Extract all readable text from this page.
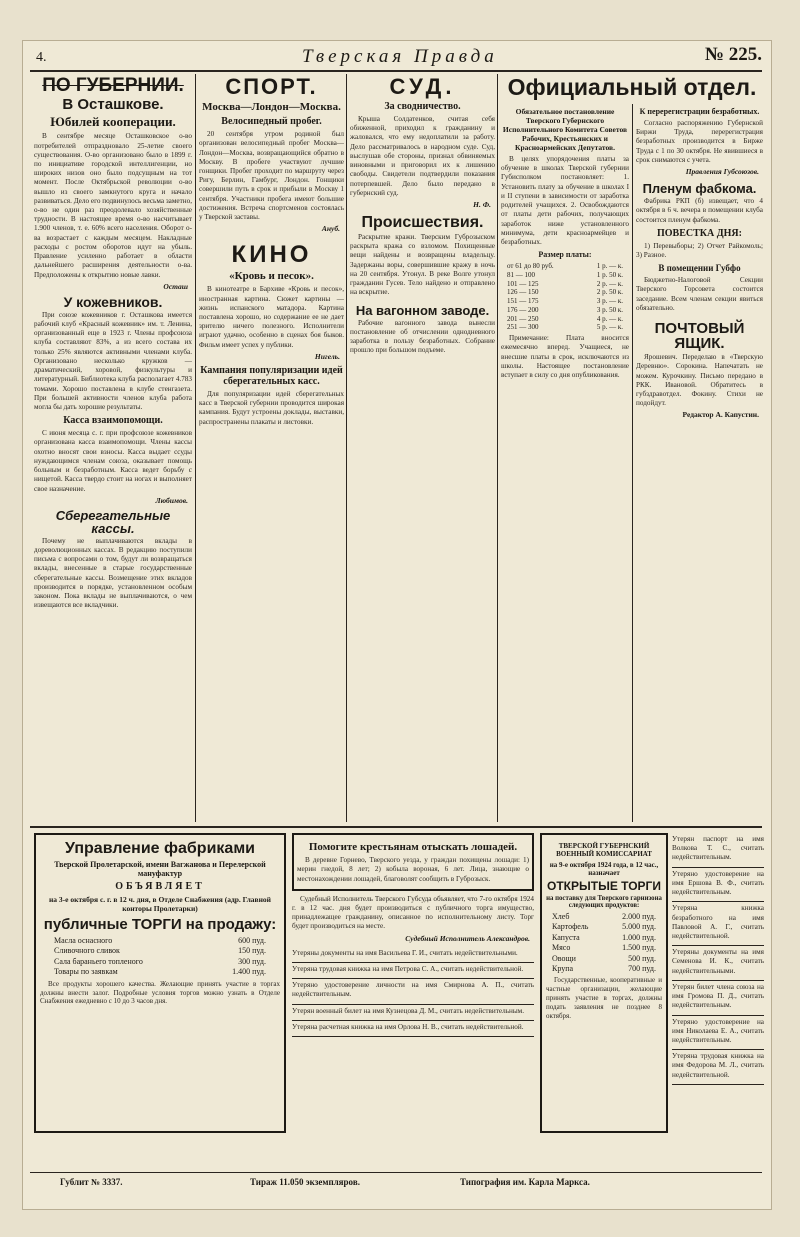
4.	Тверская Правда	№ 225.
ПО ГУБЕРНИИ.
В Осташкове.
Юбилей кооперации.

В сентябре месяце Осташковское о-во потребителей отпраздновало 25-летие своего существования. О-во организовано было в 1899 г. по инициативе городской интеллигенции, но широких низов оно было подсущным на тот момент. После Октябрьской революции о-во вышло из своего замкнутого круга и начало развиваться. Дело его подвинулось весьма заметно, о-во не один раз преодолевало хозяйственные трудности. В настоящее время о-во насчитывает 1.900 членов, т. е. 60% всего населения. Оборот о-ва возрастает с каждым месяцем. Накладные расходы с ростом оборотов идут на убыль. Правление усиленно работает в области дальнейшего расширения деятельности о-ва. Предположены к открытию новые лавки.

Осташ
У кожевников.

При союзе кожевников г. Осташкова имеется рабочий клуб «Красный кожевник» им. т. Ленина, организованный еще в 1923 г. Члены профсоюза клуба составляют 83%, а из всего состава их только 25% являются активными членами клуба. Организовано несколько кружков — драматический, хоровой, физкультуры и литературный. Библиотека клуба располагает 4.783 томами. Хорошо поставлена в клубе стенгазета. При большей активности членов клуба работа могла бы дать хорошие результаты.

Касса взаимопомощи.

С июня месяца с. г. при профсоюзе кожевников организована касса взаимопомощи. Члены кассы охотно вносят свои взносы. Касса выдает ссуды нуждающимся членам союза, оказывает помощь больным и безработным. Касса ведет борьбу с нищетой. Касса твердо стоит на ногах и выполняет свое назначение.

Любимов.
Сберегательные кассы.

Почему не выплачиваются вклады в дореволюционных кассах. В редакцию поступили письма с вопросами о том, будут ли возвращаться вклады, внесенные в старые государственные сберегательные кассы. Возмещение этих вкладов производится в порядке, установленном особым законом. Пока вклады не выплачиваются, о чем извещаются все вкладчики.

СПОРТ.
Москва—Лондон—Москва.
Велосипедный пробег.

20 сентября утром родиной был организован велосипедный пробег Москва—Лондон—Москва, возвращающийся обратно в Москву. В пробеге участвуют лучшие гонщики. Пробег проходит по маршруту через Ригу, Берлин, Гамбург, Лондон. Гонщики совершили путь в срок и прибыли в Москву 1 сентября. Участники пробега имеют большие достижения. Встреча спортсменов состоялась у Тверской заставы.

Ануб.
КИНО
«Кровь и песок».

В кинотеатре в Бархиве «Кровь и песок», иностранная картина. Сюжет картины — жизнь испанского матадора. Картина поставлена хорошо, но содержание ее не дает зрителю ничего полезного. Исполнители играют удачно, особенно в сценах боя быков. Фильм имеет успех у публики.

Нигель.
Кампания популяризации идей сберегательных касс.

Для популяризации идей сберегательных касс в Тверской губернии проводится широкая кампания. Будут устроены доклады, выставки, распространены плакаты и листовки.

СУД.
За сводничество.

Крыша Солдатенков, считая себя обиженной, приходил к гражданину и жаловался, что ему недоплатили за работу. Дело рассматривалось в народном суде. Суд, выслушав обе стороны, признал обвиняемых виновными и приговорил их к лишению свободы. Свидетели подтвердили показания потерпевшей. Дело было передано в губернский суд.

Н. Ф.
Происшествия.

Раскрытие кражи. Тверским Губрозыском раскрыта кража со взломом. Похищенные вещи найдены и возвращены владельцу. Задержаны воры, совершившие кражу в ночь на 20 сентября. Утонул. В реке Волге утонул гражданин Гусев. Тело найдено и отправлено на вскрытие.

На вагонном заводе.

Рабочие вагонного завода вынесли постановление об отчислении однодневного заработка в пользу безработных. Собрание прошло при большом подъеме.

Официальный отдел.
Обязательное постановление Тверского Губернского Исполнительного Комитета Советов Рабочих, Крестьянских и Красноармейских Депутатов.

В целях упорядочения платы за обучение в школах Тверской губернии Губисполком постановляет: 1. Установить плату за обучение в школах I и II ступени в зависимости от заработка родителей учащихся. 2. Освобождаются от платы дети рабочих, получающих заработок ниже установленного минимума, дети красноармейцев и безработных.

Размер платы:
от 61 до 80 руб.	1 р. — к.
81 — 100	1 р. 50 к.
101 — 125	2 р. — к.
126 — 150	2 р. 50 к.
151 — 175	3 р. — к.
176 — 200	3 р. 50 к.
201 — 250	4 р. — к.
251 — 300	5 р. — к.

Примечание: Плата вносится ежемесячно вперед. Учащиеся, не внесшие платы в срок, исключаются из школы. Настоящее постановление вступает в силу со дня опубликования.

К перерегистрации безработных.

Согласно распоряжению Губернской Биржи Труда, перерегистрация безработных производится в Бирже Труда с 1 по 30 октября. Не явившиеся в срок снимаются с учета.

Правления Губсоюзов.
Пленум фабкома.

Фабрика РКП (б) извещает, что 4 октября в 6 ч. вечера в помещении клуба состоится пленум фабкома.

ПОВЕСТКА ДНЯ:

1) Перевыборы; 2) Отчет Райкомоль; 3) Разное.

В помещении Губфо

Бюджетно-Налоговой Секции Тверского Горсовета состоится заседание. Всем членам секции явиться обязательно.

ПОЧТОВЫЙ ЯЩИК.

Ярошевич. Переделаю в «Тверскую Деревню». Сорокина. Напечатать не можем. Курочкину. Письмо передано в РКК. Ивановой. Обратитесь в губздравотдел. Фокину. Стихи не подойдут.

Редактор А. Капустин.
Управление фабриками
Тверской Пролетарской, имени Вагжанова и Перелерской мануфактур
ОБЪЯВЛЯЕТ
на 3-е октября с. г. в 12 ч. дня, в Отделе Снабжения (адр. Главной конторы Пролетарки)
публичные ТОРГИ на продажу:
Масла оснасного	600 пуд.
Сливочного сливок	150 пуд.
Сала бараньего топленого	300 пуд.
Товары по заявкам	1.400 пуд.

Все продукты хорошего качества. Желающие принять участие в торгах должны внести залог. Подробные условия торгов можно узнать в Отделе Снабжения ежедневно с 10 до 3 часов дня.

Помогите крестьянам отыскать лошадей.

В деревне Горнево, Тверского уезда, у граждан похищены лошади: 1) мерин гнедой, 8 лет; 2) кобыла вороная, 6 лет. Лица, знающие о местонахождении лошадей, благоволят сообщить в Губрозыск.

Судебный Исполнитель Тверского Губсуда объявляет, что 7-го октября 1924 г. в 12 час. дня будет производиться с публичного торга имущество, принадлежащее гражданину, описанное по исполнительному листу. Торг будет производиться на месте.

Судебный Исполнитель Александров.

Утеряны документы на имя Васильева Г. И., считать недействительными.

Утеряна трудовая книжка на имя Петрова С. А., считать недействительной.

Утеряно удостоверение личности на имя Смирнова А. П., считать недействительным.

Утерян военный билет на имя Кузнецова Д. М., считать недействительным.

Утеряна расчетная книжка на имя Орлова Н. В., считать недействительной.

ТВЕРСКОЙ ГУБЕРНСКИЙ ВОЕННЫЙ КОМИССАРИАТ
на 9-е октября 1924 года, в 12 час., назначает
ОТКРЫТЫЕ ТОРГИ
на поставку для Тверского гарнизона следующих продуктов:
Хлеб	2.000 пуд.
Картофель	5.000 пуд.
Капуста	1.000 пуд.
Мясо	1.500 пуд.
Овощи	500 пуд.
Крупа	700 пуд.

Государственные, кооперативные и частные организации, желающие принять участие в торгах, должны подать заявления не позднее 8 октября.

Утерян паспорт на имя Волкова Т. С., считать недействительным.

Утеряно удостоверение на имя Ершова В. Ф., считать недействительным.

Утеряна книжка безработного на имя Павловой А. Г., считать недействительной.

Утеряны документы на имя Семенова И. К., считать недействительными.

Утерян билет члена союза на имя Громова П. Д., считать недействительным.

Утеряно удостоверение на имя Николаева Е. А., считать недействительным.

Утеряна трудовая книжка на имя Федорова М. Л., считать недействительной.

Гублит № 3337.	Тираж 11.050 экземпляров.	Типография им. Карла Маркса.
